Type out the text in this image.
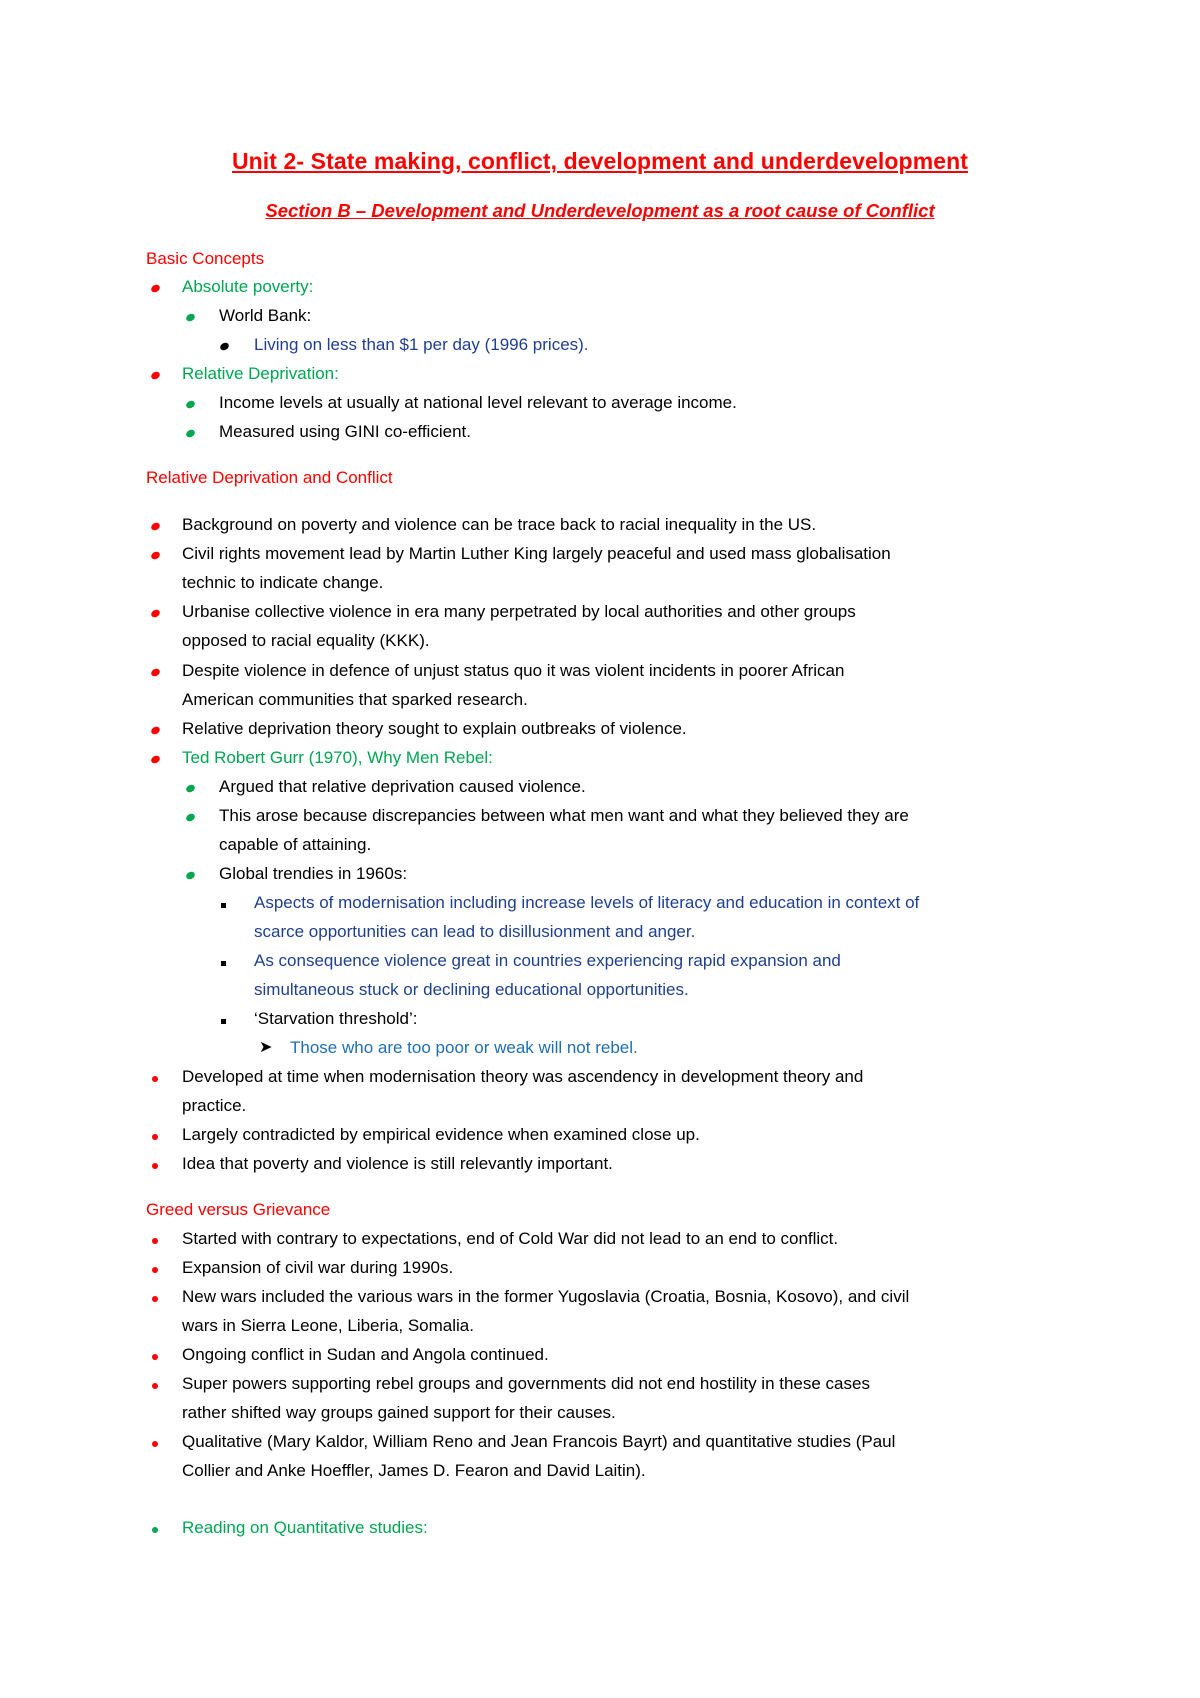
Unit 2- State making, conflict, development and underdevelopment
Section B – Development and Underdevelopment as a root cause of Conflict
Basic Concepts
Absolute poverty:
World Bank:
Living on less than $1 per day (1996 prices).
Relative Deprivation:
Income levels at usually at national level relevant to average income.
Measured using GINI co-efficient.
Relative Deprivation and Conflict
Background on poverty and violence can be trace back to racial inequality in the US.
Civil rights movement lead by Martin Luther King largely peaceful and used mass globalisation
technic to indicate change.
Urbanise collective violence in era many perpetrated by local authorities and other groups
opposed to racial equality (KKK).
Despite violence in defence of unjust status quo it was violent incidents in poorer African
American communities that sparked research.
Relative deprivation theory sought to explain outbreaks of violence.
Ted Robert Gurr (1970), Why Men Rebel:
Argued that relative deprivation caused violence.
This arose because discrepancies between what men want and what they believed they are
capable of attaining.
Global trendies in 1960s:
Aspects of modernisation including increase levels of literacy and education in context of
scarce opportunities can lead to disillusionment and anger.
As consequence violence great in countries experiencing rapid expansion and
simultaneous stuck or declining educational opportunities.
‘Starvation threshold’:
➤ Those who are too poor or weak will not rebel.
Developed at time when modernisation theory was ascendency in development theory and
practice.
Largely contradicted by empirical evidence when examined close up.
Idea that poverty and violence is still relevantly important.
Greed versus Grievance
Started with contrary to expectations, end of Cold War did not lead to an end to conflict.
Expansion of civil war during 1990s.
New wars included the various wars in the former Yugoslavia (Croatia, Bosnia, Kosovo), and civil
wars in Sierra Leone, Liberia, Somalia.
Ongoing conflict in Sudan and Angola continued.
Super powers supporting rebel groups and governments did not end hostility in these cases
rather shifted way groups gained support for their causes.
Qualitative (Mary Kaldor, William Reno and Jean Francois Bayrt) and quantitative studies (Paul
Collier and Anke Hoeffler, James D. Fearon and David Laitin).
Reading on Quantitative studies:
